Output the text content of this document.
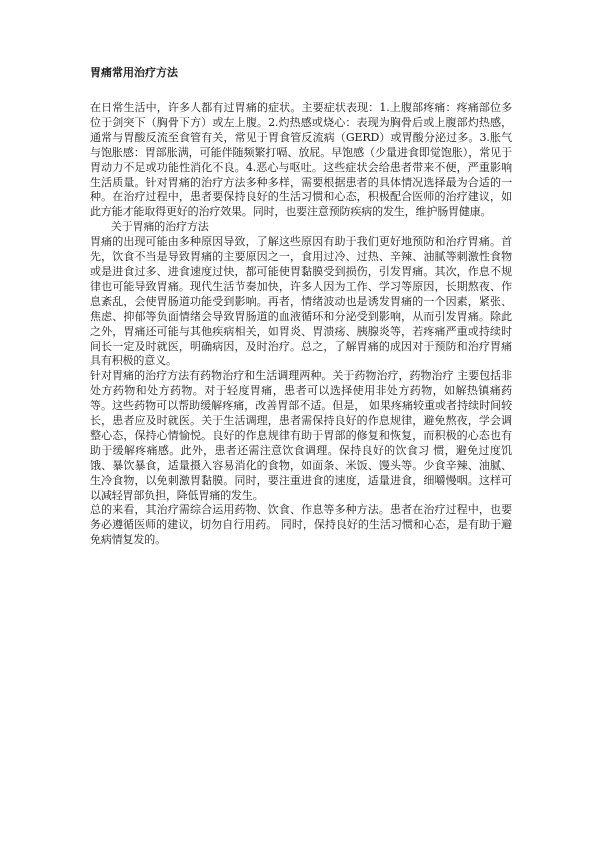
胃痛常用治疗方法

在日常生活中，许多人都有过胃痛的症状。主要症状表现：1.上腹部疼痛：疼痛部位多位于剑突下（胸骨下方）或左上腹。2.灼热感或烧心：表现为胸骨后或上腹部灼热感，通常与胃酸反流至食管有关，常见于胃食管反流病（GERD）或胃酸分泌过多。3.胀气与饱胀感：胃部胀满，可能伴随频繁打嗝、放屁。早饱感（少量进食即觉饱胀），常见于胃动力不足或功能性消化不良。4.恶心与呕吐。这些症状会给患者带来不便，严重影响生活质量。针对胃痛的治疗方法多种多样，需要根据患者的具体情况选择最为合适的一种。在治疗过程中，患者要保持良好的生活习惯和心态，积极配合医师的治疗建议，如此方能才能取得更好的治疗效果。同时，也要注意预防疾病的发生，维护肠胃健康。

关于胃痛的治疗方法

胃痛的出现可能由多种原因导致，了解这些原因有助于我们更好地预防和治疗胃痛。首先，饮食不当是导致胃痛的主要原因之一，食用过冷、过热、辛辣、油腻等刺激性食物或是进食过多、进食速度过快，都可能使胃黏膜受到损伤，引发胃痛。其次，作息不规律也可能导致胃痛。现代生活节奏加快，许多人因为工作、学习等原因，长期熬夜、作息紊乱，会使胃肠道功能受到影响。再者，情绪波动也是诱发胃痛的一个因素，紧张、焦虑、抑郁等负面情绪会导致胃肠道的血液循环和分泌受到影响，从而引发胃痛。除此之外，胃痛还可能与其他疾病相关，如胃炎、胃溃疡、胰腺炎等，若疼痛严重或持续时间长一定及时就医，明确病因，及时治疗。总之，了解胃痛的成因对于预防和治疗胃痛具有积极的意义。

针对胃痛的治疗方法有药物治疗和生活调理两种。关于药物治疗，药物治疗 主要包括非处方药物和处方药物。对于轻度胃痛，患者可以选择使用非处方药物，如解热镇痛药等。这些药物可以帮助缓解疼痛，改善胃部不适。但是， 如果疼痛较重或者持续时间较长，患者应及时就医。关于生活调理，患者需保持良好的作息规律，避免熬夜，学会调整心态，保持心情愉悦。良好的作息规律有助于胃部的修复和恢复，而积极的心态也有助于缓解疼痛感。此外，患者还需注意饮食调理。保持良好的饮食习 惯，避免过度饥饿、暴饮暴食，适量摄入容易消化的食物，如面条、米饭、馒头等。少食辛辣、油腻、生冷食物，以免刺激胃黏膜。同时，要注重进食的速度，适量进食，细嚼慢咽。这样可以减轻胃部负担，降低胃痛的发生。

总的来看，其治疗需综合运用药物、饮食、作息等多种方法。患者在治疗过程中，也要务必遵循医师的建议，切勿自行用药。 同时，保持良好的生活习惯和心态，是有助于避免病情复发的。
